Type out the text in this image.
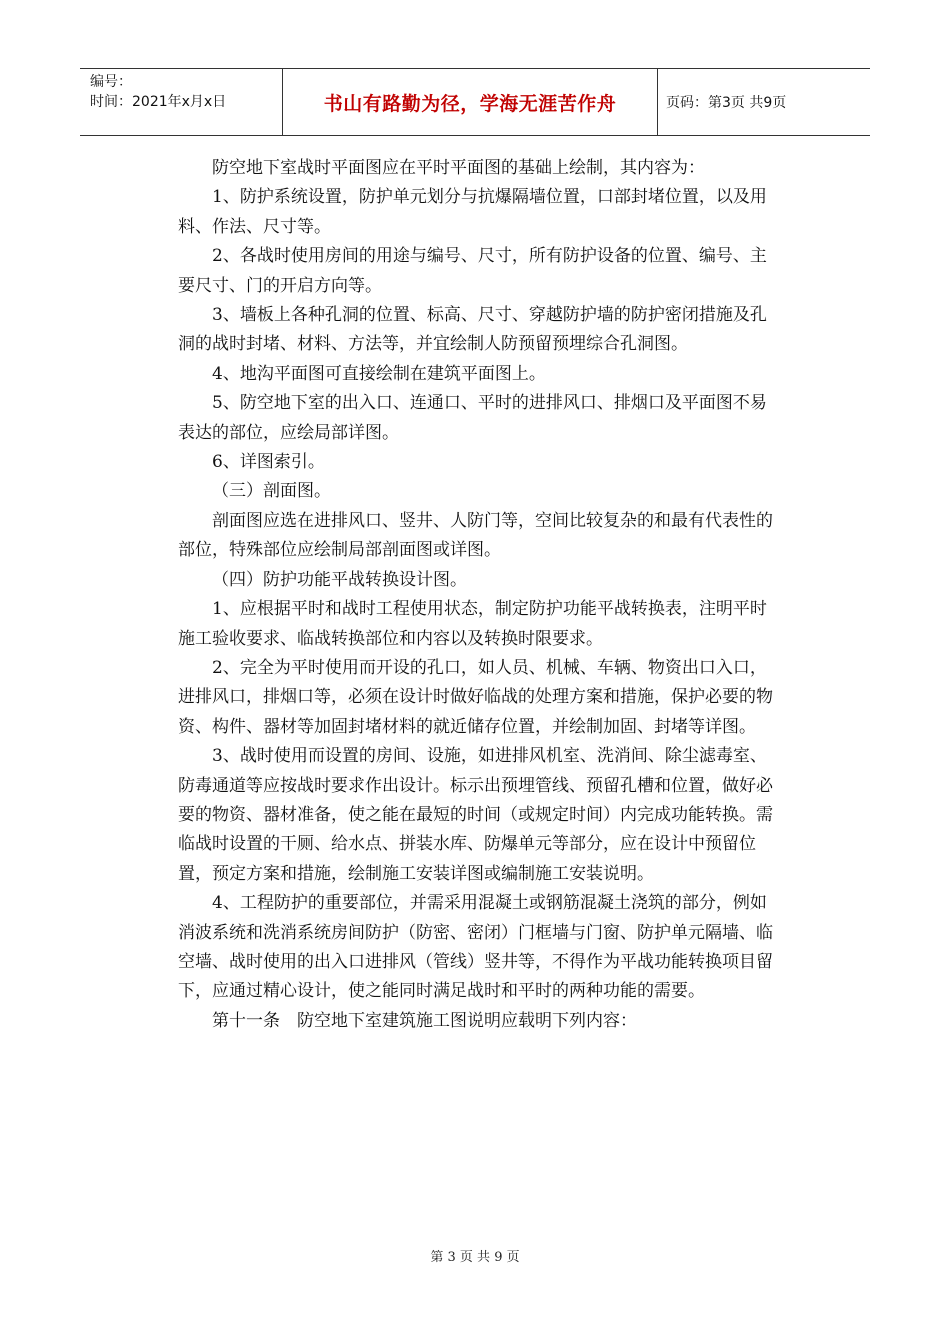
编号：
时间：2021年x月x日	书山有路勤为径，学海无涯苦作舟	页码：第3页 共9页

防空地下室战时平面图应在平时平面图的基础上绘制，其内容为：

1、防护系统设置，防护单元划分与抗爆隔墙位置，口部封堵位置，以及用料、作法、尺寸等。

2、各战时使用房间的用途与编号、尺寸，所有防护设备的位置、编号、主要尺寸、门的开启方向等。

3、墙板上各种孔洞的位置、标高、尺寸、穿越防护墙的防护密闭措施及孔洞的战时封堵、材料、方法等，并宜绘制人防预留预埋综合孔洞图。

4、地沟平面图可直接绘制在建筑平面图上。

5、防空地下室的出入口、连通口、平时的进排风口、排烟口及平面图不易表达的部位，应绘局部详图。

6、详图索引。

（三）剖面图。

剖面图应选在进排风口、竖井、人防门等，空间比较复杂的和最有代表性的部位，特殊部位应绘制局部剖面图或详图。

（四）防护功能平战转换设计图。

1、应根据平时和战时工程使用状态，制定防护功能平战转换表，注明平时施工验收要求、临战转换部位和内容以及转换时限要求。

2、完全为平时使用而开设的孔口，如人员、机械、车辆、物资出口入口，进排风口，排烟口等，必须在设计时做好临战的处理方案和措施，保护必要的物资、构件、器材等加固封堵材料的就近储存位置，并绘制加固、封堵等详图。

3、战时使用而设置的房间、设施，如进排风机室、洗消间、除尘滤毒室、防毒通道等应按战时要求作出设计。标示出预埋管线、预留孔槽和位置，做好必要的物资、器材准备，使之能在最短的时间（或规定时间）内完成功能转换。需临战时设置的干厕、给水点、拼装水库、防爆单元等部分，应在设计中预留位置，预定方案和措施，绘制施工安装详图或编制施工安装说明。

4、工程防护的重要部位，并需采用混凝土或钢筋混凝土浇筑的部分，例如消波系统和洗消系统房间防护（防密、密闭）门框墙与门窗、防护单元隔墙、临空墙、战时使用的出入口进排风（管线）竖井等，不得作为平战功能转换项目留下，应通过精心设计，使之能同时满足战时和平时的两种功能的需要。

第十一条　防空地下室建筑施工图说明应载明下列内容：

第 3 页 共 9 页
